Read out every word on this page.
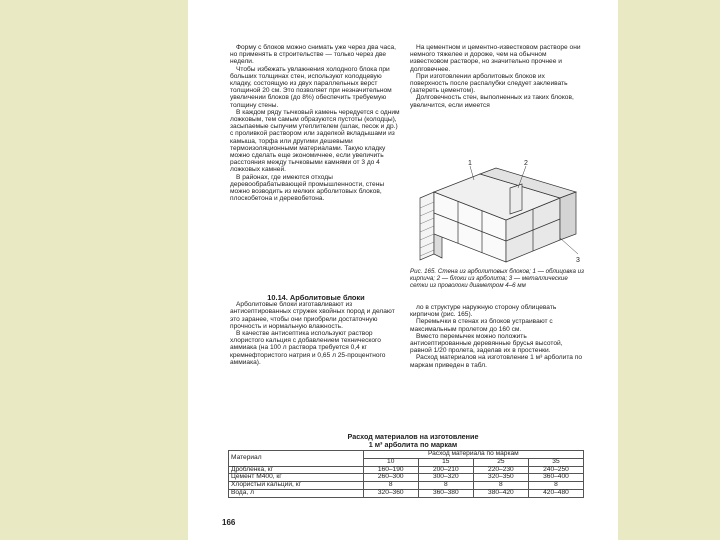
Форму с блоков можно снимать уже через два часа, но применять в строительстве — только через две недели.

Чтобы избежать увлажнения холодного блока при больших толщинах стен, используют колодцевую кладку, состоящую из двух параллельных верст толщиной 20 см. Это позволяет при незначительном увеличении блоков (до 8%) обеспечить требуемую толщину стены.

В каждом ряду тычковый камень чередуется с одним ложковым, тем самым образуются пустоты (колодцы), засыпаемые сыпучим утеплителем (шлак, песок и др.) с проливкой раствором или заделкой вкладышами из камыша, торфа или другими дешевыми термоизоляционными материалами. Такую кладку можно сделать еще экономичнее, если увеличить расстояния между тычковыми камнями от 3 до 4 ложковых камней.

В районах, где имеются отходы деревообрабатывающей промышленности, стены можно возводить из мелких арболитовых блоков, плоскобетона и деревобетона.

10.14. Арболитовые блоки

Арболитовые блоки изготавливают из антисептированных стружек хвойных пород и делают это заранее, чтобы они приобрели достаточную прочность и нормальную влажность.

В качестве антисептика используют раствор хлористого кальция с добавлением технического аммиака (на 100 л раствора требуется 0,4 кг кремнефтористого натрия и 0,65 л 25-процентного аммиака).

На цементном и цементно-известковом растворе они немного тяжелее и дороже, чем на обычном известковом растворе, но значительно прочнее и долговечнее.

При изготовлении арболитовых блоков их поверхность после распалубки следует заклеивать (затереть цементом).

Долговечность стен, выполненных из таких блоков, увеличится, если имеется

1	2
3
Рис. 165. Стена из арболитовых блоков; 1 — облицовка из кирпича; 2 — блоки из арболита; 3 — металлические сетки из проволоки диаметром 4–6 мм

ло в структуре наружную сторону облицевать кирпичом (рис. 165).

Перемычки в стенах из блоков устраивают с максимальным пролетом до 160 см.

Вместо перемычек можно положить антисептированные деревянные брусья высотой, равной 1/20 пролета, заделав их в простенки.

Расход материалов на изготовление 1 м³ арболита по маркам приведен в табл.

Расход материалов на изготовление
1 м³ арболита по маркам
Материал	Расход материала по маркам			
	10	15	25	35
Дробленка, кг	160–190	200–210	220–230	240–250
Цемент М400, кг	260–300	300–320	320–350	360–400
Хлористый кальций, кг	8	8	8	8
Вода, л	320–360	360–380	380–420	420–480
166
